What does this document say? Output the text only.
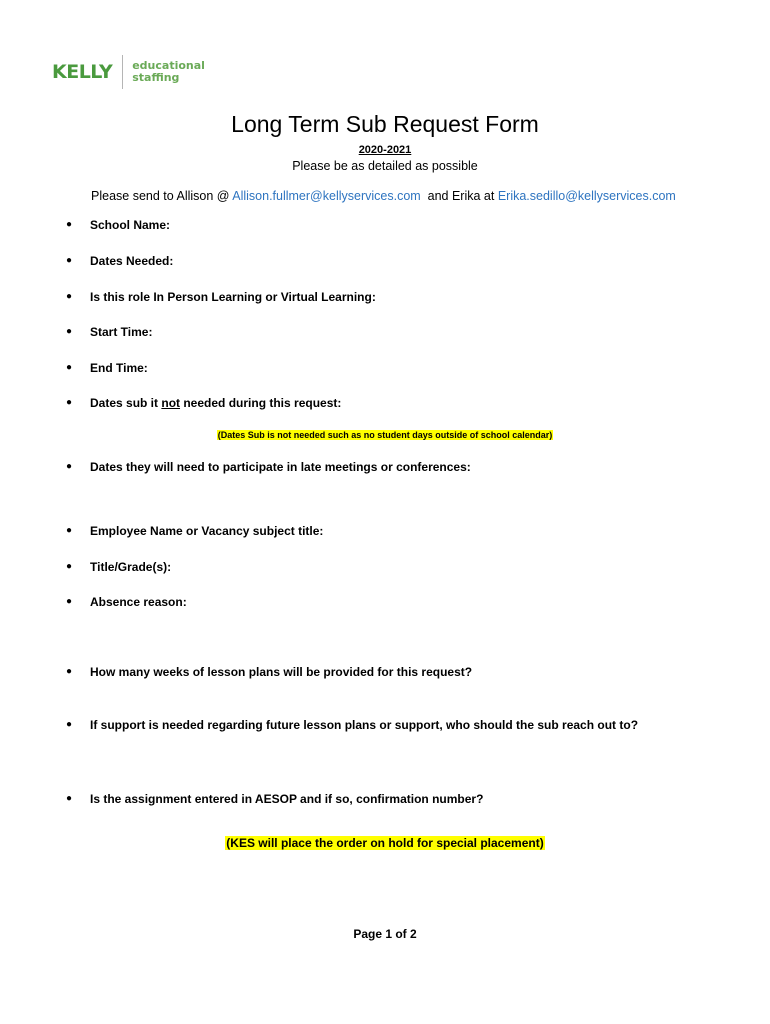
KELLY educational
staffing
Long Term Sub Request Form
2020-2021
Please be as detailed as possible
Please send to Allison @ Allison.fullmer@kellyservices.com  and Erika at Erika.sedillo@kellyservices.com
●	School Name:
●	Dates Needed:
●	Is this role In Person Learning or Virtual Learning:
●	Start Time:
●	End Time:
●	Dates sub it not needed during this request:
(Dates Sub is not needed such as no student days outside of school calendar)
●	Dates they will need to participate in late meetings or conferences:
●	Employee Name or Vacancy subject title:
●	Title/Grade(s):
●	Absence reason:
●	How many weeks of lesson plans will be provided for this request?
●	If support is needed regarding future lesson plans or support, who should the sub reach out to?
●	Is the assignment entered in AESOP and if so, confirmation number?
(KES will place the order on hold for special placement)
Page 1 of 2
